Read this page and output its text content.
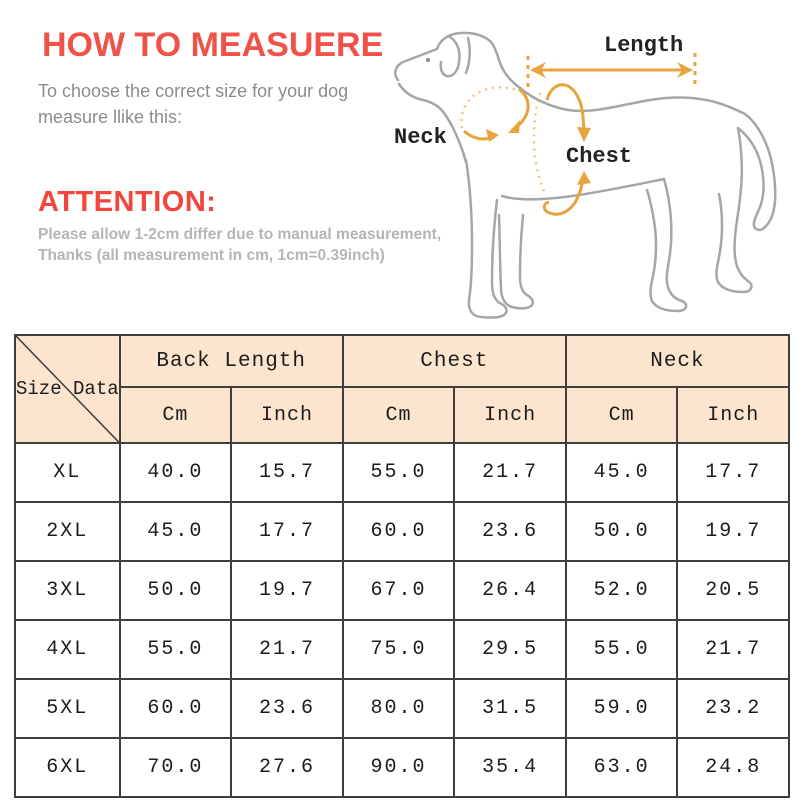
HOW TO MEASUERE
To choose the correct size for your dog
measure llike this:
ATTENTION:
Please allow 1-2cm differ due to manual measurement,
Thanks (all measurement in cm, 1cm=0.39inch)
Length
Neck
Chest
Size Data	Back Length		Chest		Neck	
	Cm	Inch	Cm	Inch	Cm	Inch
XL	40.0	15.7	55.0	21.7	45.0	17.7
2XL	45.0	17.7	60.0	23.6	50.0	19.7
3XL	50.0	19.7	67.0	26.4	52.0	20.5
4XL	55.0	21.7	75.0	29.5	55.0	21.7
5XL	60.0	23.6	80.0	31.5	59.0	23.2
6XL	70.0	27.6	90.0	35.4	63.0	24.8
